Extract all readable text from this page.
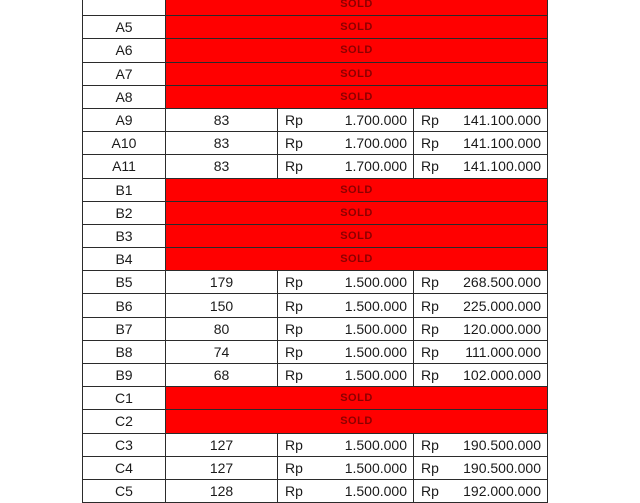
	SOLD				
A5	SOLD				
A6	SOLD				
A7	SOLD				
A8	SOLD				
A9	83	Rp	1.700.000	Rp	141.100.000
A10	83	Rp	1.700.000	Rp	141.100.000
A11	83	Rp	1.700.000	Rp	141.100.000
B1	SOLD				
B2	SOLD				
B3	SOLD				
B4	SOLD				
B5	179	Rp	1.500.000	Rp	268.500.000
B6	150	Rp	1.500.000	Rp	225.000.000
B7	80	Rp	1.500.000	Rp	120.000.000
B8	74	Rp	1.500.000	Rp	111.000.000
B9	68	Rp	1.500.000	Rp	102.000.000
C1	SOLD				
C2	SOLD				
C3	127	Rp	1.500.000	Rp	190.500.000
C4	127	Rp	1.500.000	Rp	190.500.000
C5	128	Rp	1.500.000	Rp	192.000.000
